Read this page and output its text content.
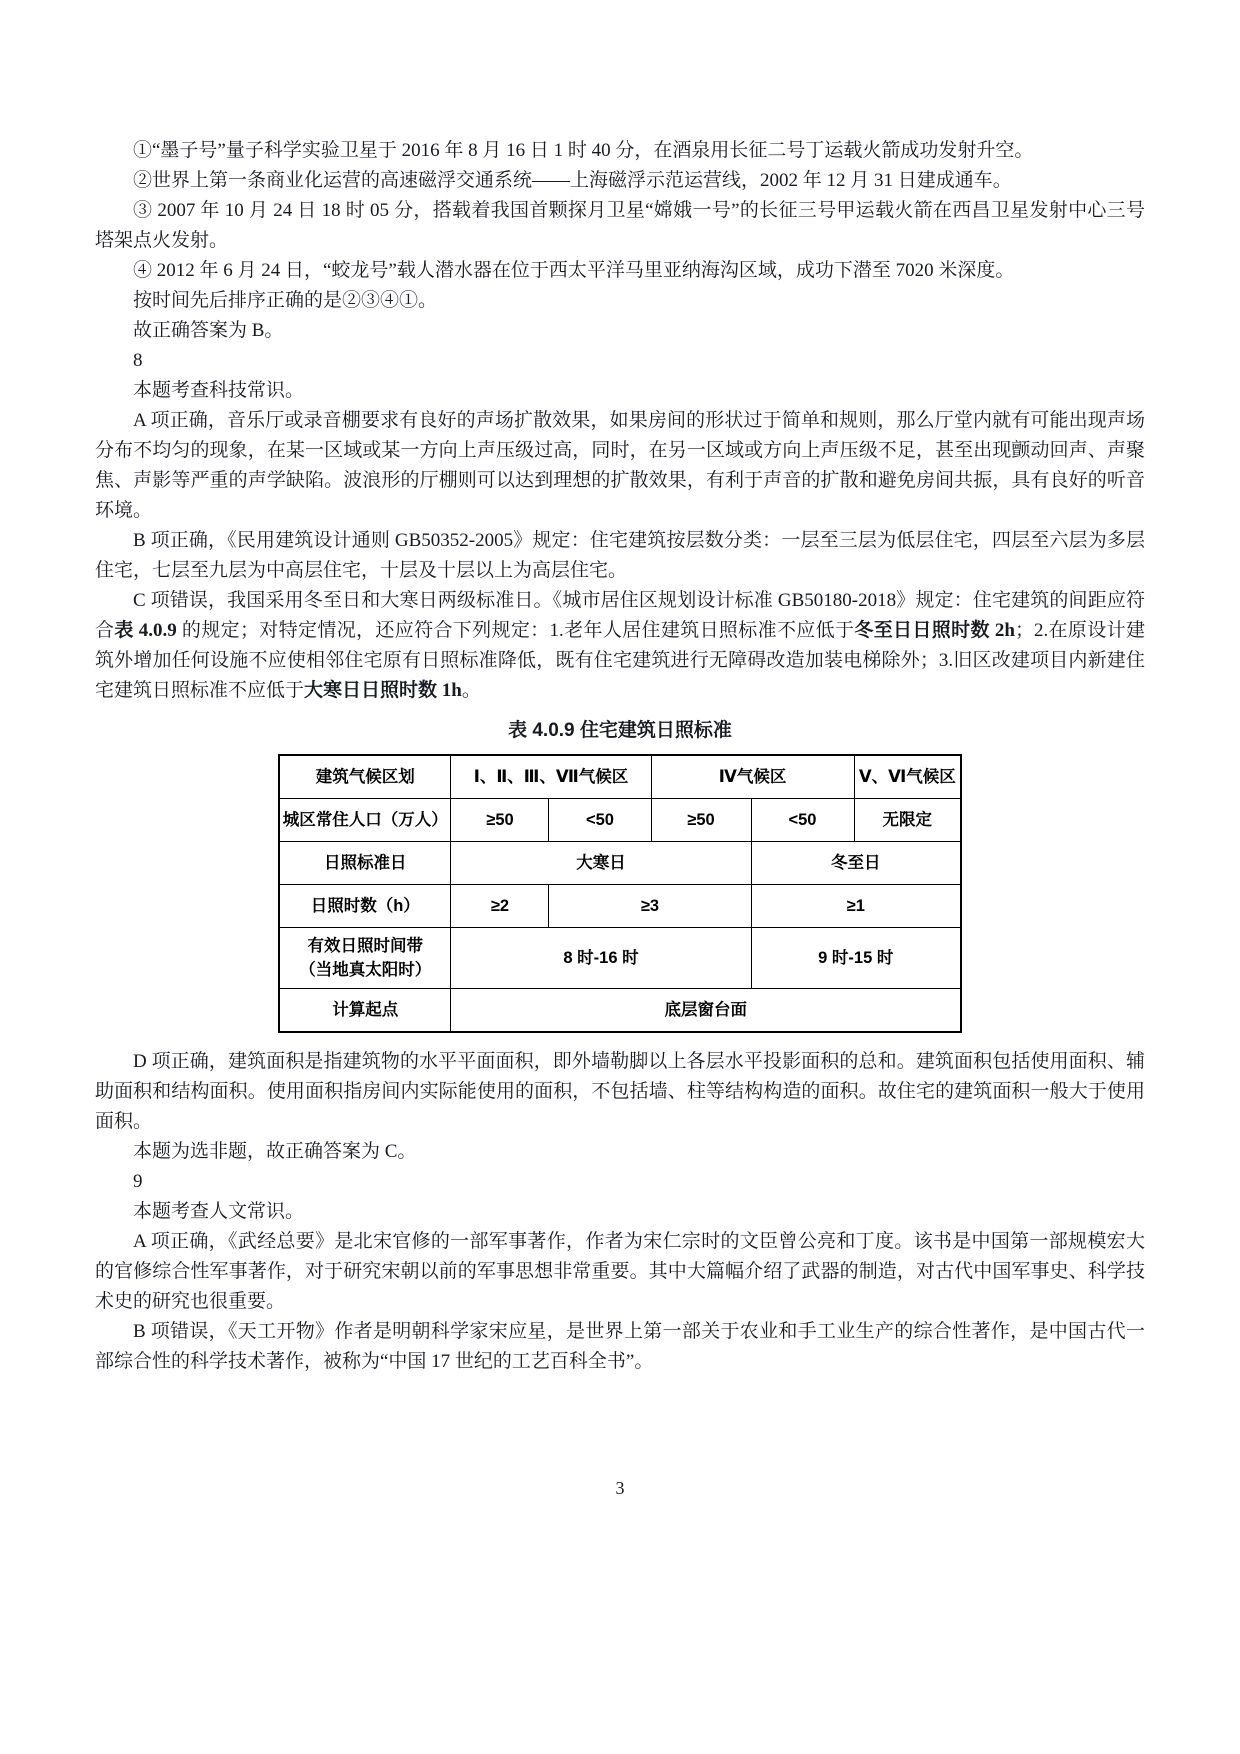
①“墨子号”量子科学实验卫星于 2016 年 8 月 16 日 1 时 40 分，在酒泉用长征二号丁运载火箭成功发射升空。

②世界上第一条商业化运营的高速磁浮交通系统——上海磁浮示范运营线，2002 年 12 月 31 日建成通车。

③ 2007 年 10 月 24 日 18 时 05 分，搭载着我国首颗探月卫星“嫦娥一号”的长征三号甲运载火箭在西昌卫星发射中心三号塔架点火发射。

④ 2012 年 6 月 24 日，“蛟龙号”载人潜水器在位于西太平洋马里亚纳海沟区域，成功下潜至 7020 米深度。

按时间先后排序正确的是②③④①。

故正确答案为 B。

8

本题考查科技常识。

A 项正确，音乐厅或录音棚要求有良好的声场扩散效果，如果房间的形状过于简单和规则，那么厅堂内就有可能出现声场分布不均匀的现象，在某一区域或某一方向上声压级过高，同时，在另一区域或方向上声压级不足，甚至出现颤动回声、声聚焦、声影等严重的声学缺陷。波浪形的厅棚则可以达到理想的扩散效果，有利于声音的扩散和避免房间共振，具有良好的听音环境。

B 项正确，《民用建筑设计通则 GB50352-2005》规定：住宅建筑按层数分类：一层至三层为低层住宅，四层至六层为多层住宅，七层至九层为中高层住宅，十层及十层以上为高层住宅。

C 项错误，我国采用冬至日和大寒日两级标准日。《城市居住区规划设计标准 GB50180-2018》规定：住宅建筑的间距应符合表 4.0.9 的规定；对特定情况，还应符合下列规定：1.老年人居住建筑日照标准不应低于冬至日日照时数 2h；2.在原设计建筑外增加任何设施不应使相邻住宅原有日照标准降低，既有住宅建筑进行无障碍改造加装电梯除外；3.旧区改建项目内新建住宅建筑日照标准不应低于大寒日日照时数 1h。

表 4.0.9 住宅建筑日照标准

建筑气候区划	Ⅰ、Ⅱ、Ⅲ、Ⅶ气候区		Ⅳ气候区		Ⅴ、Ⅵ气候区
城区常住人口（万人）	≥50	<50	≥50	<50	无限定
日照标准日	大寒日			冬至日	
日照时数（h）	≥2	≥3		≥1	

有效日照时间带
（当地真太阳时）	8 时-16 时			9 时-15 时	
计算起点	底层窗台面				

D 项正确，建筑面积是指建筑物的水平平面面积，即外墙勒脚以上各层水平投影面积的总和。建筑面积包括使用面积、辅助面积和结构面积。使用面积指房间内实际能使用的面积，不包括墙、柱等结构构造的面积。故住宅的建筑面积一般大于使用面积。

本题为选非题，故正确答案为 C。

9

本题考查人文常识。

A 项正确，《武经总要》是北宋官修的一部军事著作，作者为宋仁宗时的文臣曾公亮和丁度。该书是中国第一部规模宏大的官修综合性军事著作，对于研究宋朝以前的军事思想非常重要。其中大篇幅介绍了武器的制造，对古代中国军事史、科学技术史的研究也很重要。

B 项错误，《天工开物》作者是明朝科学家宋应星，是世界上第一部关于农业和手工业生产的综合性著作，是中国古代一部综合性的科学技术著作，被称为“中国 17 世纪的工艺百科全书”。

3
